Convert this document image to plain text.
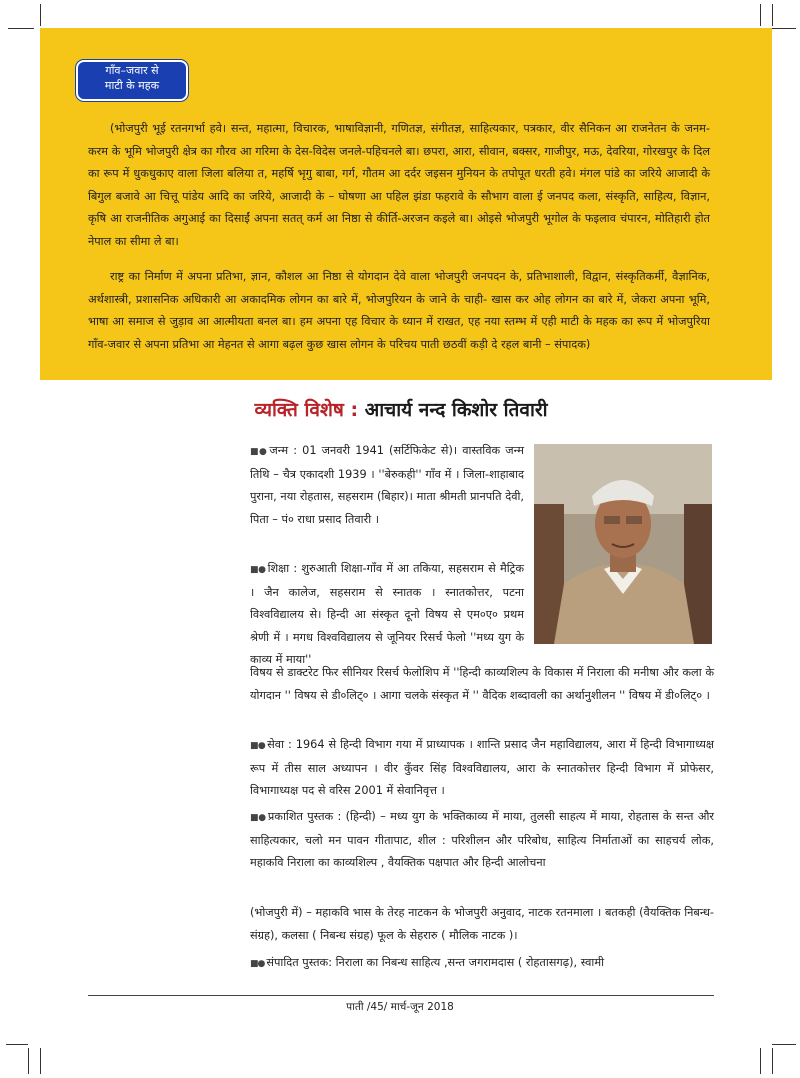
गाँव–जवार से
माटी के महक

(भोजपुरी भूई रतनगर्भा हवे। सन्त, महात्मा, विचारक, भाषाविज्ञानी, गणितज्ञ, संगीतज्ञ, साहित्यकार, पत्रकार, वीर सैनिकन आ राजनेतन के जनम-करम के भूमि भोजपुरी क्षेत्र का गौरव आ गरिमा के देस-विदेस जनले-पहिचनले बा। छपरा, आरा, सीवान, बक्सर, गाजीपुर, मऊ, देवरिया, गोरखपुर के दिल का रूप में धुकधुकाए वाला जिला बलिया त, महर्षि भृगु बाबा, गर्ग, गौतम आ दर्दर जइसन मुनियन के तपोपूत धरती हवे। मंगल पांडे का जरिये आजादी के बिगुल बजावे आ चित्तू पांडेय आदि का जरिये, आजादी के – घोषणा आ पहिल झंडा फहरावे के सौभाग वाला ई जनपद कला, संस्कृति, साहित्य, विज्ञान, कृषि आ राजनीतिक अगुआई का दिसाईं अपना सतत् कर्म आ निष्ठा से कीर्ति-अरजन कइले बा। ओइसे भोजपुरी भूगोल के फइलाव चंपारन, मोतिहारी होत नेपाल का सीमा ले बा।

राष्ट्र का निर्माण में अपना प्रतिभा, ज्ञान, कौशल आ निष्ठा से योगदान देवे वाला भोजपुरी जनपदन के, प्रतिभाशाली, विद्वान, संस्कृतिकर्मी, वैज्ञानिक, अर्थशास्त्री, प्रशासनिक अधिकारी आ अकादमिक लोगन का बारे में, भोजपुरियन के जाने के चाही- खास कर ओह लोगन का बारे में, जेकरा अपना भूमि, भाषा आ समाज से जुड़ाव आ आत्मीयता बनल बा। हम अपना एह विचार के ध्यान में राखत, एह नया स्तम्भ में एही माटी के महक का रूप में भोजपुरिया गाँव-जवार से अपना प्रतिभा आ मेहनत से आगा बढ़ल कुछ खास लोगन के परिचय पाती छठवीं कड़ी दे रहल बानी – संपादक)

व्यक्ति विशेष : आचार्य नन्द किशोर तिवारी

■● जन्म : 01 जनवरी 1941 (सर्टिफिकेट से)। वास्तविक जन्म तिथि – चैत्र एकादशी 1939 । ''बेरुकही'' गाँव में । जिला-शाहाबाद पुराना, नया रोहतास, सहसराम (बिहार)। माता श्रीमती प्रानपति देवी, पिता – पं० राधा प्रसाद तिवारी ।

■● शिक्षा : शुरुआती शिक्षा-गाँव में आ तकिया, सहसराम से मैट्रिक । जैन कालेज, सहसराम से स्नातक । स्नातकोत्तर, पटना विश्वविद्यालय से। हिन्दी आ संस्कृत दूनो विषय से एम०ए० प्रथम श्रेणी में । मगध विश्वविद्यालय से जूनियर रिसर्च फेलो ''मध्य युग के काव्य में माया''

विषय से डाक्टरेट फिर सीनियर रिसर्च फेलोशिप में ''हिन्दी काव्यशिल्प के विकास में निराला की मनीषा और कला के योगदान '' विषय से डी०लिट्० । आगा चलके संस्कृत में '' वैदिक शब्दावली का अर्थानुशीलन '' विषय में डी०लिट्० ।

■● सेवा : 1964 से हिन्दी विभाग गया में प्राध्यापक । शान्ति प्रसाद जैन महाविद्यालय, आरा में हिन्दी विभागाध्यक्ष रूप में तीस साल अध्यापन । वीर कुँवर सिंह विश्वविद्यालय, आरा के स्नातकोत्तर हिन्दी विभाग में प्रोफेसर, विभागाध्यक्ष पद से वरिस 2001 में सेवानिवृत्त ।

■● प्रकाशित पुस्तक : (हिन्दी) – मध्य युग के भक्तिकाव्य में माया, तुलसी साहत्य में माया, रोहतास के सन्त और साहित्यकार, चलो मन पावन गीतापाट, शील : परिशीलन और परिबोध, साहित्य निर्माताओं का साहचर्य लोक, महाकवि निराला का काव्यशिल्प , वैयक्तिक पक्षपात और हिन्दी आलोचना

(भोजपुरी में) – महाकवि भास के तेरह नाटकन के भोजपुरी अनुवाद, नाटक रतनमाला । बतकही (वैयक्तिक निबन्ध-संग्रह), कलसा ( निबन्ध संग्रह) फूल के सेहरारु ( मौलिक नाटक )।

■● संपादित पुस्तक: निराला का निबन्ध साहित्य ,सन्त जगरामदास ( रोहतासगढ़), स्वामी

पाती /45/ मार्च-जून 2018
